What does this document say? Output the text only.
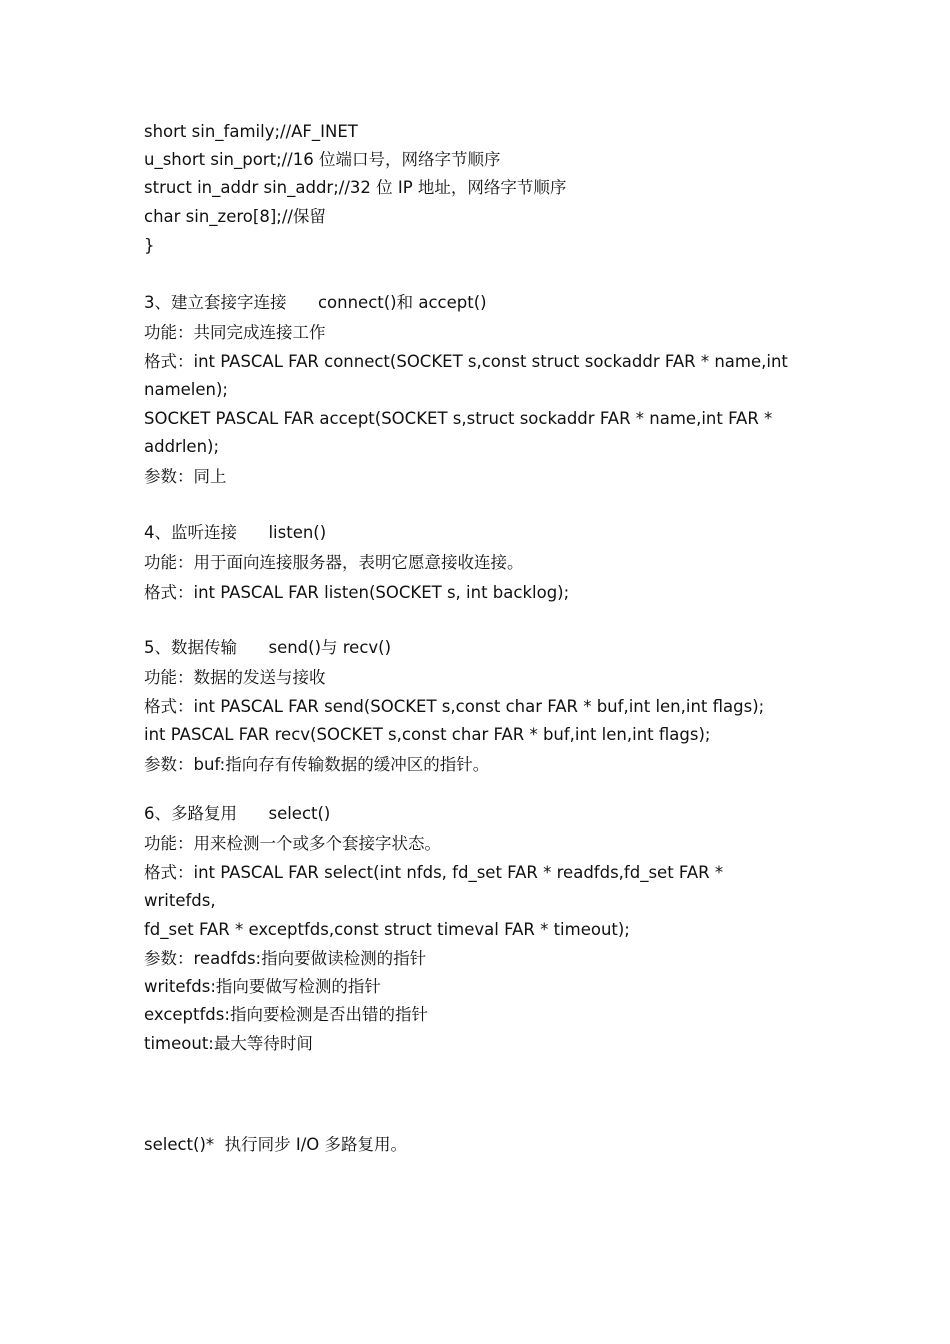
short sin_family;//AF_INET
u_short sin_port;//16 位端口号，网络字节顺序
struct in_addr sin_addr;//32 位 IP 地址，网络字节顺序
char sin_zero[8];//保留
}
3、建立套接字连接      connect()和 accept()
功能：共同完成连接工作
格式：int PASCAL FAR connect(SOCKET s,const struct sockaddr FAR * name,int
namelen);
SOCKET PASCAL FAR accept(SOCKET s,struct sockaddr FAR * name,int FAR *
addrlen);
参数：同上
4、监听连接      listen()
功能：用于面向连接服务器，表明它愿意接收连接。
格式：int PASCAL FAR listen(SOCKET s, int backlog);
5、数据传输      send()与 recv()
功能：数据的发送与接收
格式：int PASCAL FAR send(SOCKET s,const char FAR * buf,int len,int flags);
int PASCAL FAR recv(SOCKET s,const char FAR * buf,int len,int flags);
参数：buf:指向存有传输数据的缓冲区的指针。
6、多路复用      select()
功能：用来检测一个或多个套接字状态。
格式：int PASCAL FAR select(int nfds, fd_set FAR * readfds,fd_set FAR *
writefds,
fd_set FAR * exceptfds,const struct timeval FAR * timeout);
参数：readfds:指向要做读检测的指针
writefds:指向要做写检测的指针
exceptfds:指向要检测是否出错的指针
timeout:最大等待时间
select()*  执行同步 I/O 多路复用。
